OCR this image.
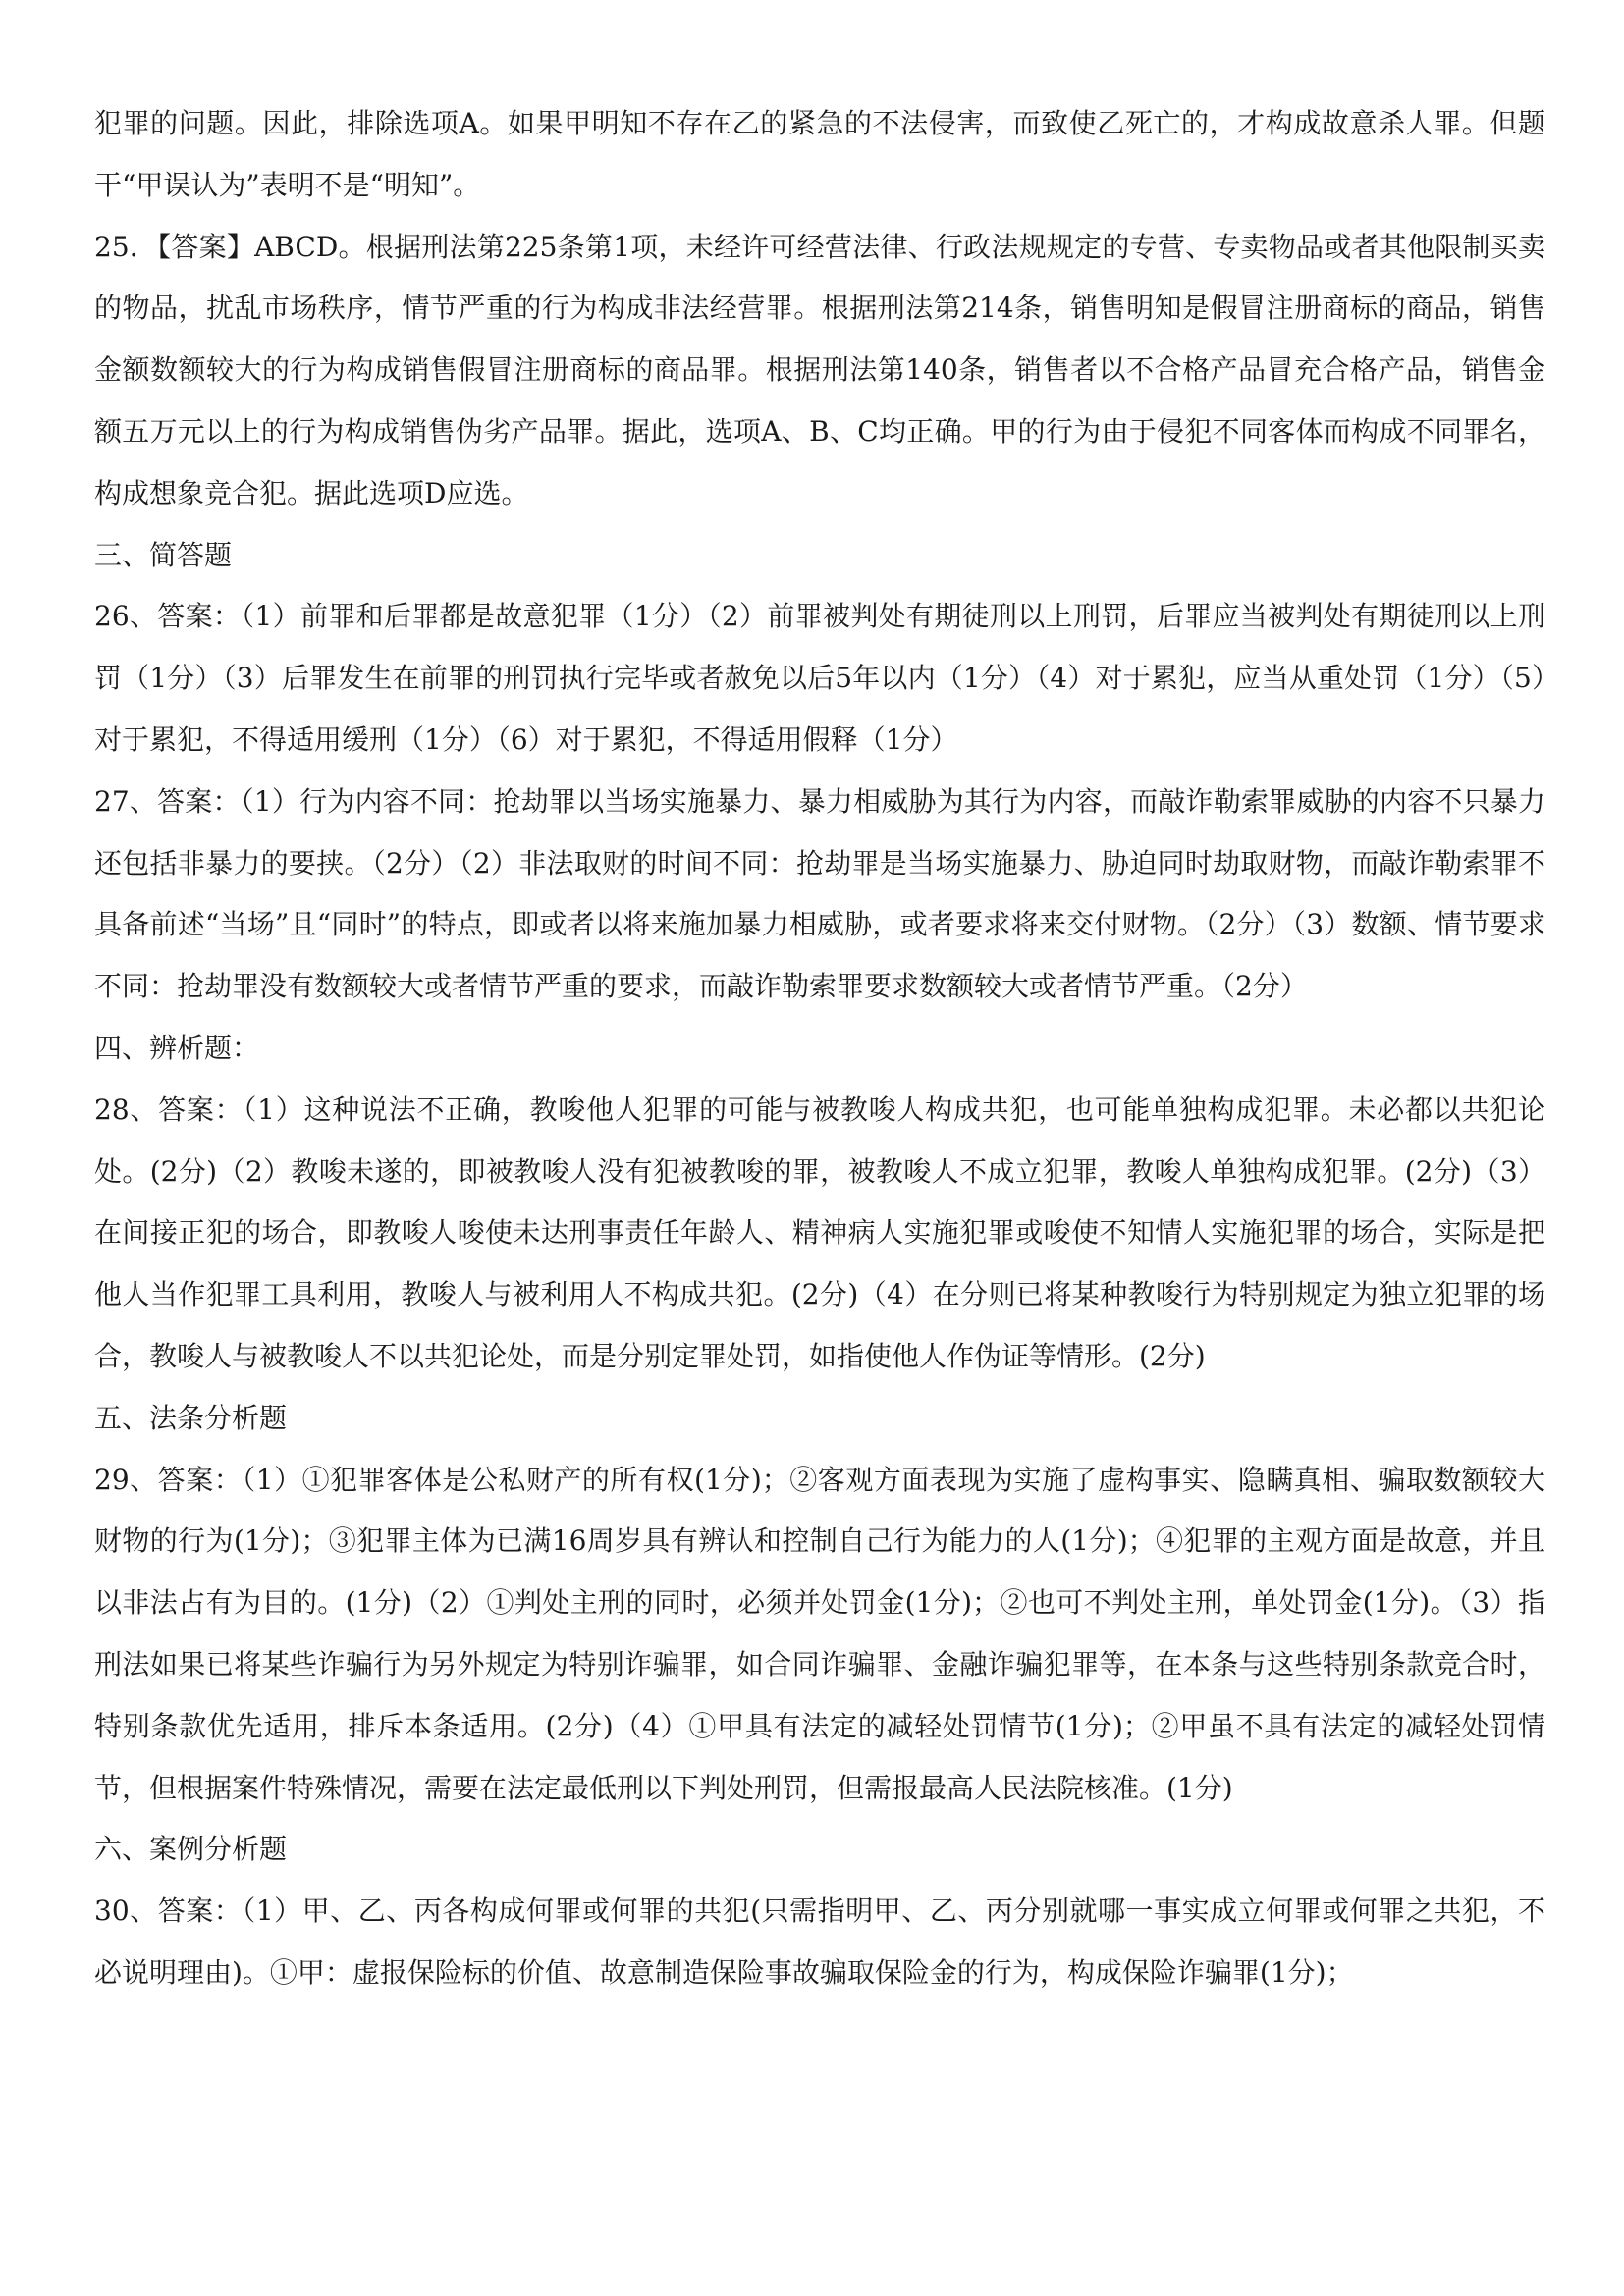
犯罪的问题。因此，排除选项A。如果甲明知不存在乙的紧急的不法侵害，而致使乙死亡的，才构成故意杀人罪。但题干“甲误认为”表明不是“明知”。

25．【答案】ABCD。根据刑法第225条第1项，未经许可经营法律、行政法规规定的专营、专卖物品或者其他限制买卖的物品，扰乱市场秩序，情节严重的行为构成非法经营罪。根据刑法第214条，销售明知是假冒注册商标的商品，销售金额数额较大的行为构成销售假冒注册商标的商品罪。根据刑法第140条，销售者以不合格产品冒充合格产品，销售金额五万元以上的行为构成销售伪劣产品罪。据此，选项A、B、C均正确。甲的行为由于侵犯不同客体而构成不同罪名，构成想象竞合犯。据此选项D应选。

三、简答题

26、答案：（1）前罪和后罪都是故意犯罪（1分）（2）前罪被判处有期徒刑以上刑罚，后罪应当被判处有期徒刑以上刑罚（1分）（3）后罪发生在前罪的刑罚执行完毕或者赦免以后5年以内（1分）（4）对于累犯，应当从重处罚（1分）（5）对于累犯，不得适用缓刑（1分）（6）对于累犯，不得适用假释（1分）

27、答案：（1）行为内容不同：抢劫罪以当场实施暴力、暴力相威胁为其行为内容，而敲诈勒索罪威胁的内容不只暴力还包括非暴力的要挟。（2分）（2）非法取财的时间不同：抢劫罪是当场实施暴力、胁迫同时劫取财物，而敲诈勒索罪不具备前述“当场”且“同时”的特点，即或者以将来施加暴力相威胁，或者要求将来交付财物。（2分）（3）数额、情节要求不同：抢劫罪没有数额较大或者情节严重的要求，而敲诈勒索罪要求数额较大或者情节严重。（2分）

四、辨析题：

28、答案：（1）这种说法不正确，教唆他人犯罪的可能与被教唆人构成共犯，也可能单独构成犯罪。未必都以共犯论处。(2分)（2）教唆未遂的，即被教唆人没有犯被教唆的罪，被教唆人不成立犯罪，教唆人单独构成犯罪。(2分)（3）在间接正犯的场合，即教唆人唆使未达刑事责任年龄人、精神病人实施犯罪或唆使不知情人实施犯罪的场合，实际是把他人当作犯罪工具利用，教唆人与被利用人不构成共犯。(2分)（4）在分则已将某种教唆行为特别规定为独立犯罪的场合，教唆人与被教唆人不以共犯论处，而是分别定罪处罚，如指使他人作伪证等情形。(2分)

五、法条分析题

29、答案：（1）①犯罪客体是公私财产的所有权(1分)；②客观方面表现为实施了虚构事实、隐瞒真相、骗取数额较大财物的行为(1分)；③犯罪主体为已满16周岁具有辨认和控制自己行为能力的人(1分)；④犯罪的主观方面是故意，并且以非法占有为目的。(1分)（2）①判处主刑的同时，必须并处罚金(1分)；②也可不判处主刑，单处罚金(1分)。（3）指刑法如果已将某些诈骗行为另外规定为特别诈骗罪，如合同诈骗罪、金融诈骗犯罪等，在本条与这些特别条款竞合时，特别条款优先适用，排斥本条适用。(2分)（4）①甲具有法定的减轻处罚情节(1分)；②甲虽不具有法定的减轻处罚情节，但根据案件特殊情况，需要在法定最低刑以下判处刑罚，但需报最高人民法院核准。(1分)

六、案例分析题

30、答案：（1）甲、乙、丙各构成何罪或何罪的共犯(只需指明甲、乙、丙分别就哪一事实成立何罪或何罪之共犯，不必说明理由)。①甲：虚报保险标的价值、故意制造保险事故骗取保险金的行为，构成保险诈骗罪(1分)；
